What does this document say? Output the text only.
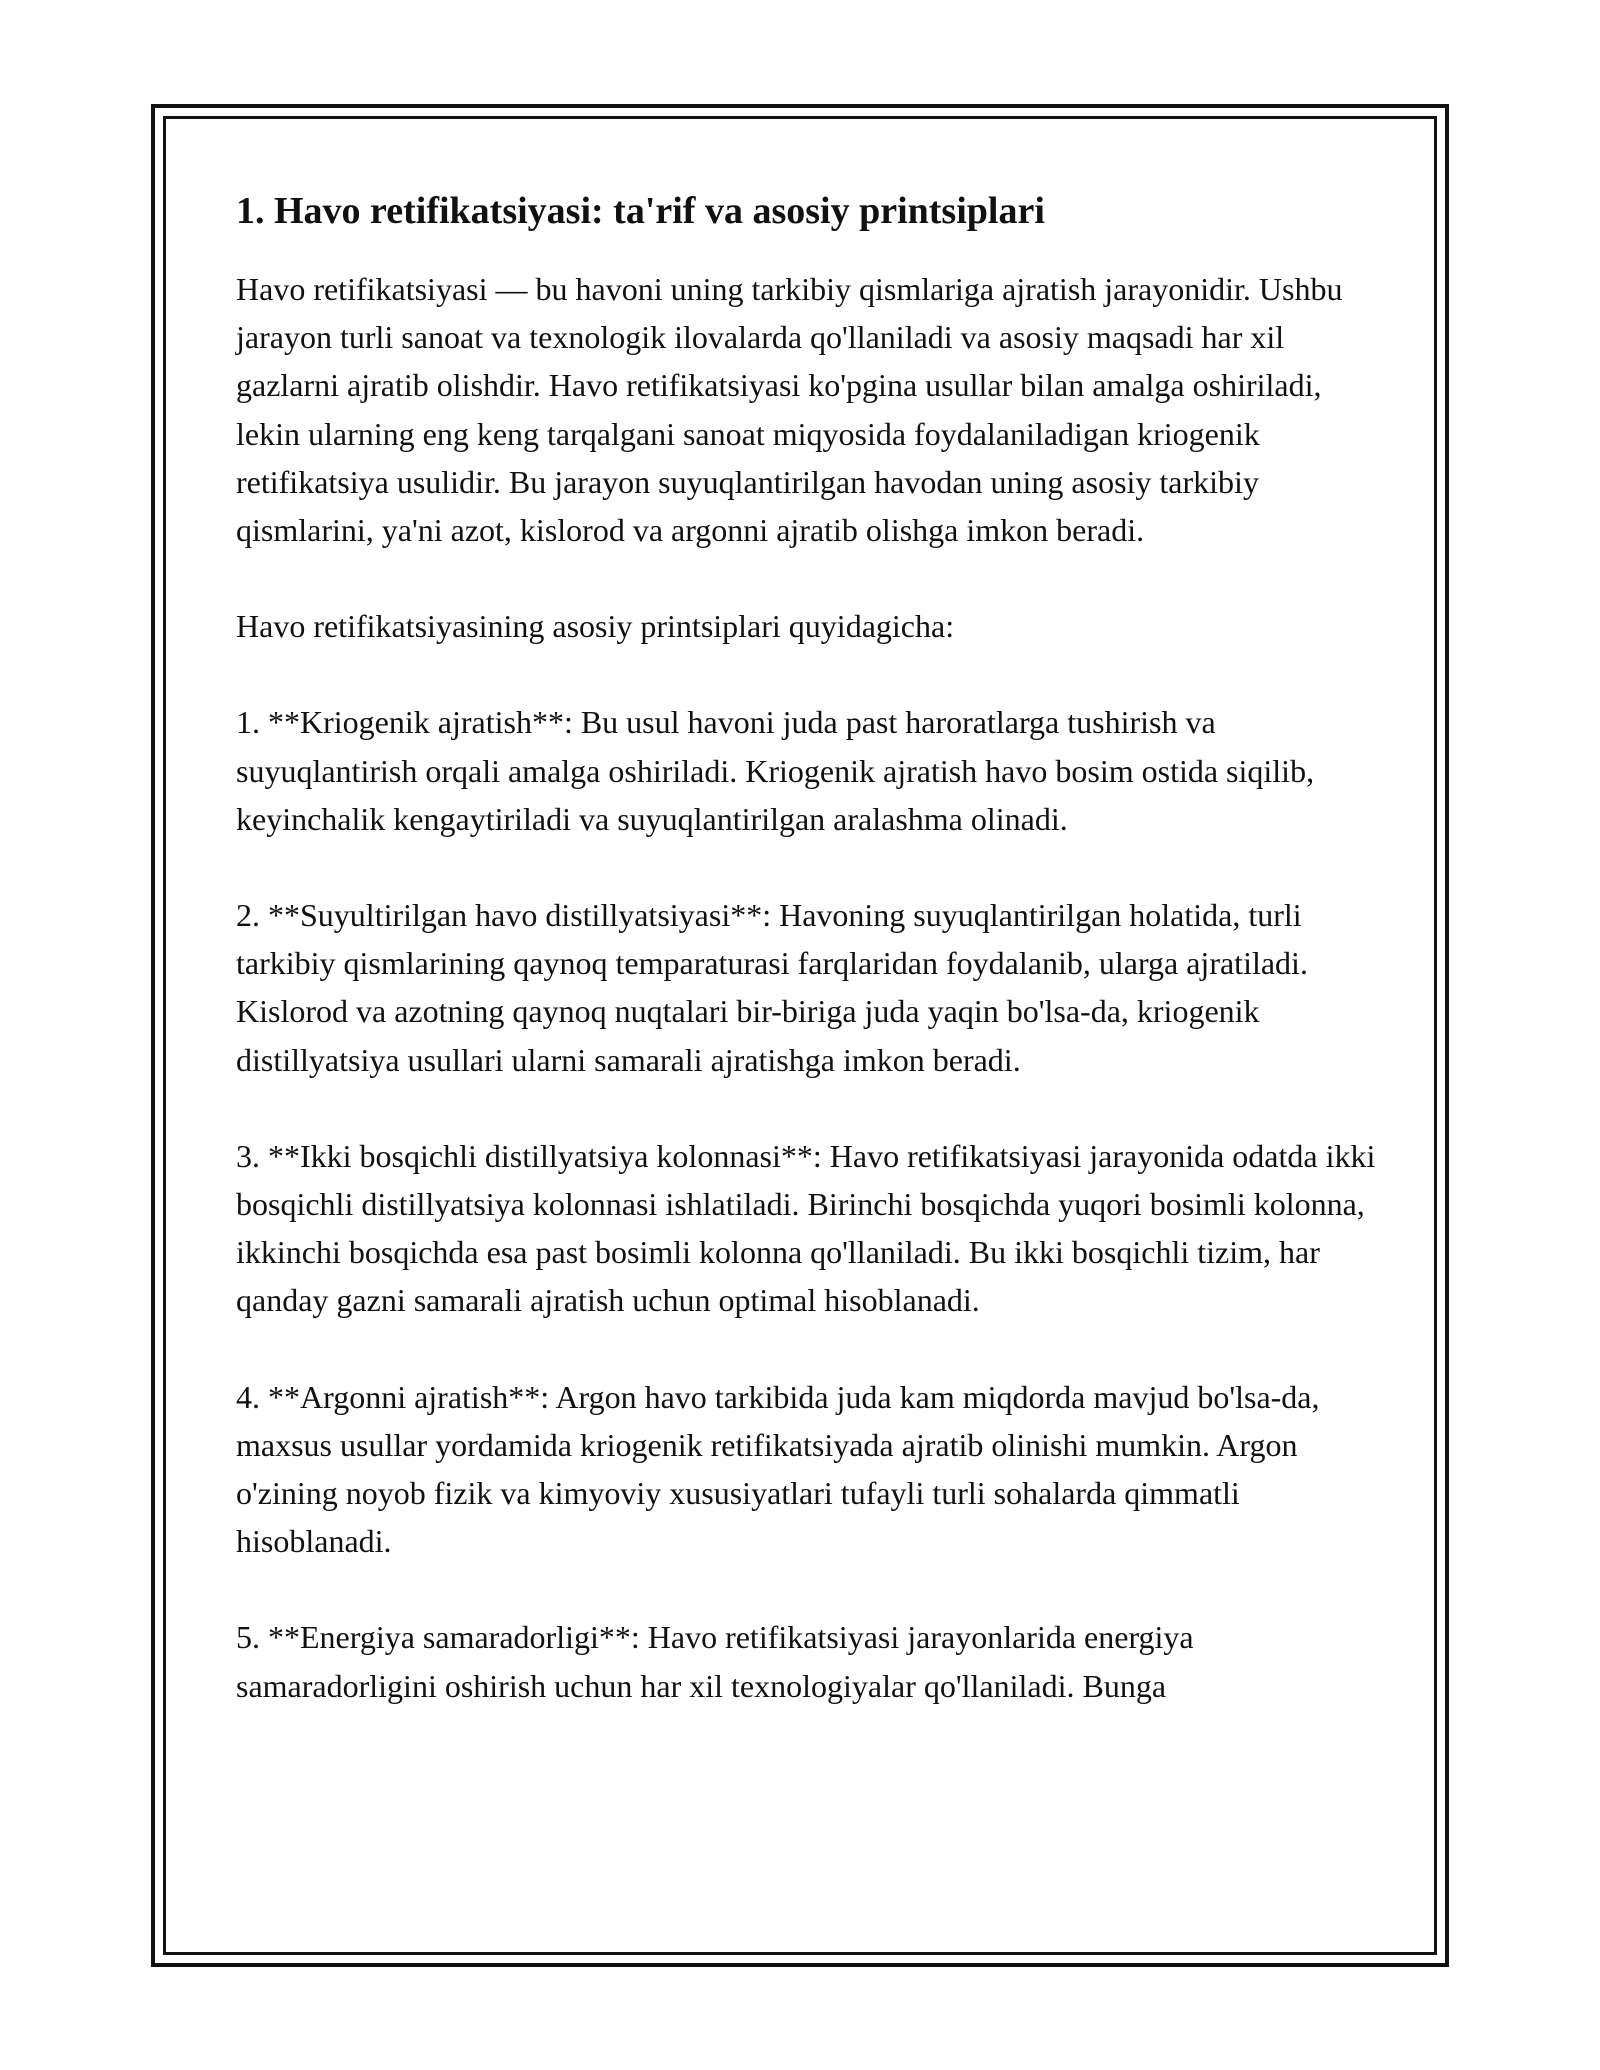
1. Havo retifikatsiyasi: ta'rif va asosiy printsiplari

Havo retifikatsiyasi — bu havoni uning tarkibiy qismlariga ajratish jarayonidir. Ushbu jarayon turli sanoat va texnologik ilovalarda qo'llaniladi va asosiy maqsadi har xil gazlarni ajratib olishdir. Havo retifikatsiyasi ko'pgina usullar bilan amalga oshiriladi, lekin ularning eng keng tarqalgani sanoat miqyosida foydalaniladigan kriogenik retifikatsiya usulidir. Bu jarayon suyuqlantirilgan havodan uning asosiy tarkibiy qismlarini, ya'ni azot, kislorod va argonni ajratib olishga imkon beradi.

Havo retifikatsiyasining asosiy printsiplari quyidagicha:

1. **Kriogenik ajratish**: Bu usul havoni juda past haroratlarga tushirish va suyuqlantirish orqali amalga oshiriladi. Kriogenik ajratish havo bosim ostida siqilib, keyinchalik kengaytiriladi va suyuqlantirilgan aralashma olinadi.

2. **Suyultirilgan havo distillyatsiyasi**: Havoning suyuqlantirilgan holatida, turli tarkibiy qismlarining qaynoq temparaturasi farqlaridan foydalanib, ularga ajratiladi. Kislorod va azotning qaynoq nuqtalari bir-biriga juda yaqin bo'lsa-da, kriogenik distillyatsiya usullari ularni samarali ajratishga imkon beradi.

3. **Ikki bosqichli distillyatsiya kolonnasi**: Havo retifikatsiyasi jarayonida odatda ikki bosqichli distillyatsiya kolonnasi ishlatiladi. Birinchi bosqichda yuqori bosimli kolonna, ikkinchi bosqichda esa past bosimli kolonna qo'llaniladi. Bu ikki bosqichli tizim, har qanday gazni samarali ajratish uchun optimal hisoblanadi.

4. **Argonni ajratish**: Argon havo tarkibida juda kam miqdorda mavjud bo'lsa-da, maxsus usullar yordamida kriogenik retifikatsiyada ajratib olinishi mumkin. Argon o'zining noyob fizik va kimyoviy xususiyatlari tufayli turli sohalarda qimmatli hisoblanadi.

5. **Energiya samaradorligi**: Havo retifikatsiyasi jarayonlarida energiya samaradorligini oshirish uchun har xil texnologiyalar qo'llaniladi. Bunga
